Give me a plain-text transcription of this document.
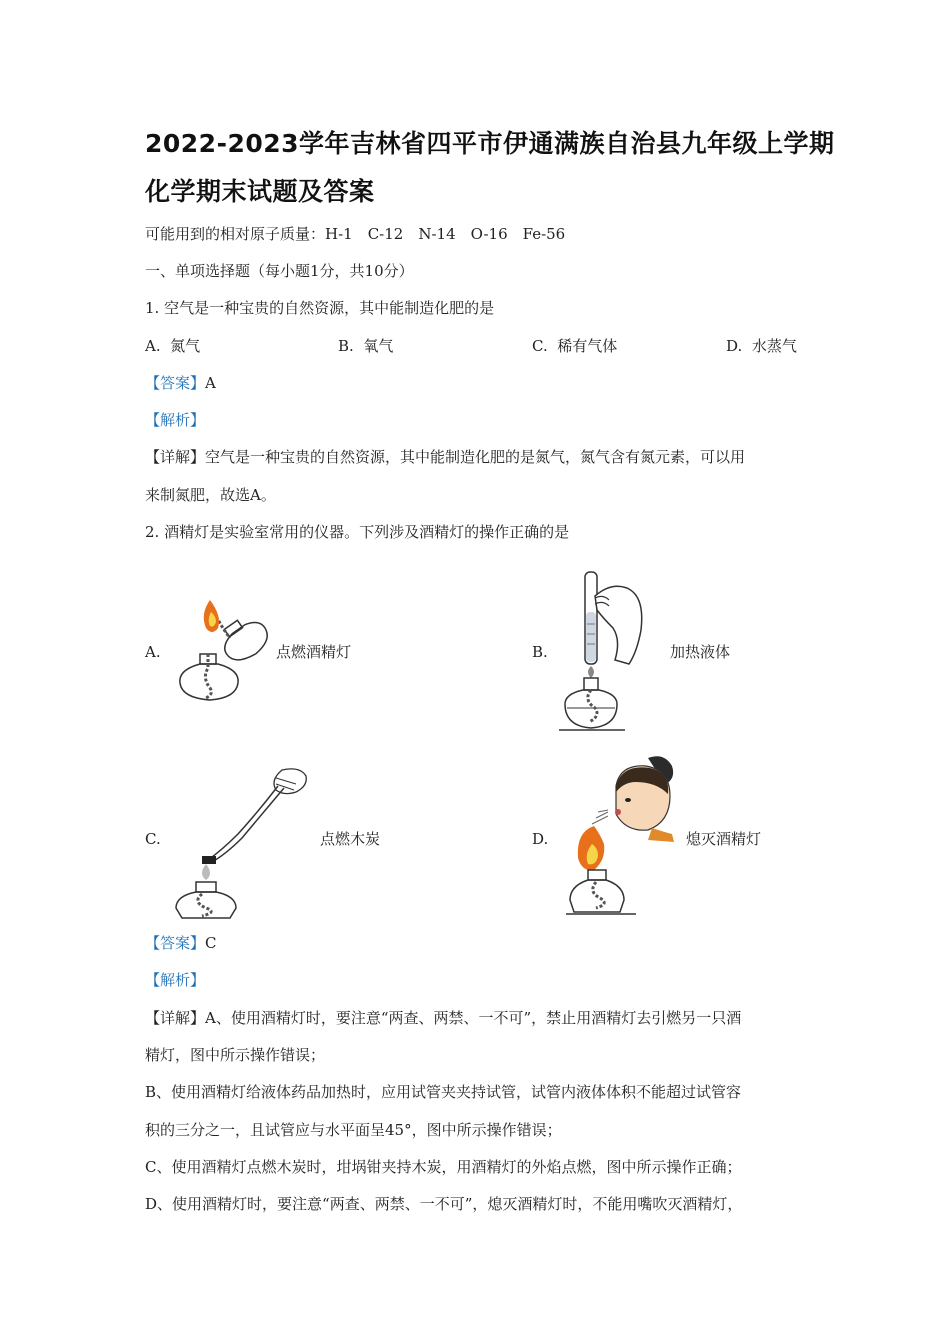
2022-2023学年吉林省四平市伊通满族自治县九年级上学期
化学期末试题及答案
可能用到的相对原子质量：H-1　C-12　N-14　O-16　Fe-56
一、单项选择题（每小题1分，共10分）
1. 空气是一种宝贵的自然资源，其中能制造化肥的是
A. 氮气	B. 氧气	C. 稀有气体	D. 水蒸气
【答案】A
【解析】
【详解】空气是一种宝贵的自然资源，其中能制造化肥的是氮气，氮气含有氮元素，可以用
来制氮肥，故选A。
2. 酒精灯是实验室常用的仪器。下列涉及酒精灯的操作正确的是
A.	点燃酒精灯	B.	加热液体
C.	点燃木炭	D.	熄灭酒精灯
【答案】C
【解析】
【详解】A、使用酒精灯时，要注意“两查、两禁、一不可”，禁止用酒精灯去引燃另一只酒
精灯，图中所示操作错误；
B、使用酒精灯给液体药品加热时，应用试管夹夹持试管，试管内液体体积不能超过试管容
积的三分之一，且试管应与水平面呈45°，图中所示操作错误；
C、使用酒精灯点燃木炭时，坩埚钳夹持木炭，用酒精灯的外焰点燃，图中所示操作正确；
D、使用酒精灯时，要注意“两查、两禁、一不可”，熄灭酒精灯时，不能用嘴吹灭酒精灯，
